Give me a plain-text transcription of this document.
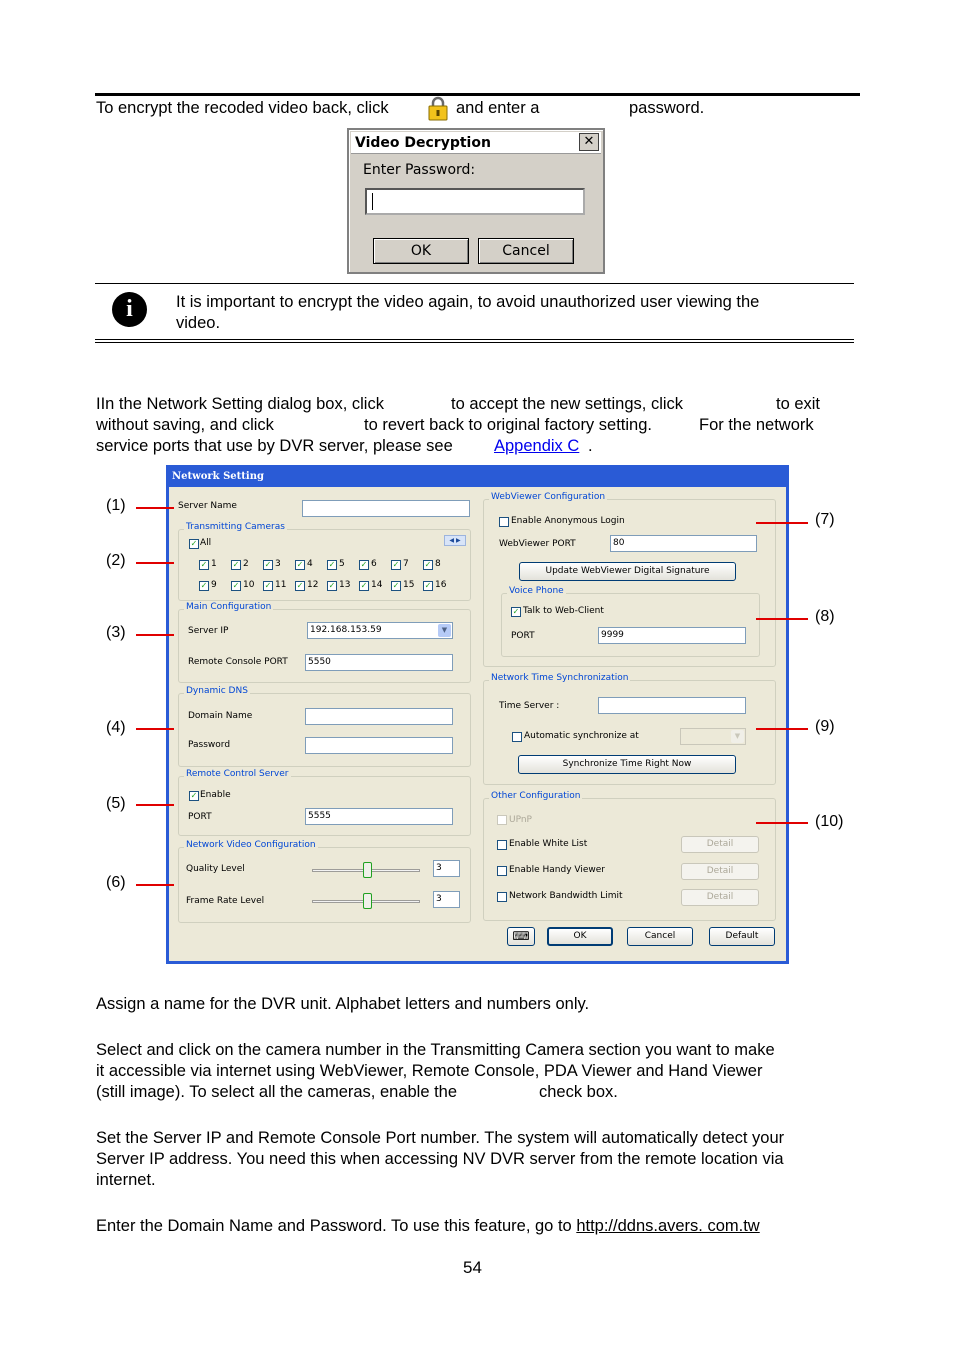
To encrypt the recoded video back, click	and enter a	password.
Video Decryption	✕
Enter Password:
OK	Cancel
i	It is important to encrypt the video again, to avoid unauthorized user viewing the
video.
IIn the Network Setting dialog box, click	to accept the new settings, click	to exit
without saving, and click	to revert back to original factory setting.	For the network
service ports that use by DVR server, please see	Appendix C .
Network Setting
Server Name
Transmitting Cameras
✓ All	◀ ▶
✓ 1 ✓ 2 ✓ 3 ✓ 4 ✓ 5 ✓ 6 ✓ 7 ✓ 8
✓ 9 ✓ 10 ✓ 11 ✓ 12 ✓ 13 ✓ 14 ✓ 15 ✓ 16
Main Configuration
Server IP	192.168.153.59	▼
Remote Console PORT	5550
Dynamic DNS
Domain Name
Password
Remote Control Server
✓ Enable
PORT	5555
Network Video Configuration
Quality Level	3
Frame Rate Level	3
WebViewer Configuration
Enable Anonymous Login
WebViewer PORT	80
Update WebViewer Digital Signature
Voice Phone
✓ Talk to Web-Client
PORT	9999
Network Time Synchronization
Time Server :
Automatic synchronize at	▼
Synchronize Time Right Now
Other Configuration
UPnP
Enable White List	Detail
Enable Handy Viewer	Detail
Network Bandwidth Limit	Detail
⌨	OK	Cancel	Default
(1)
(2)
(3)
(4)
(5)
(6)
(7)
(8)
(9)
(10)
Assign a name for the DVR unit. Alphabet letters and numbers only.
Select and click on the camera number in the Transmitting Camera section you want to make
it accessible via internet using WebViewer, Remote Console, PDA Viewer and Hand Viewer
(still image). To select all the cameras, enable the	check box.
Set the Server IP and Remote Console Port number. The system will automatically detect your
Server IP address. You need this when accessing NV DVR server from the remote location via
internet.
Enter the Domain Name and Password. To use this feature, go to http://ddns.avers. com.tw
54
